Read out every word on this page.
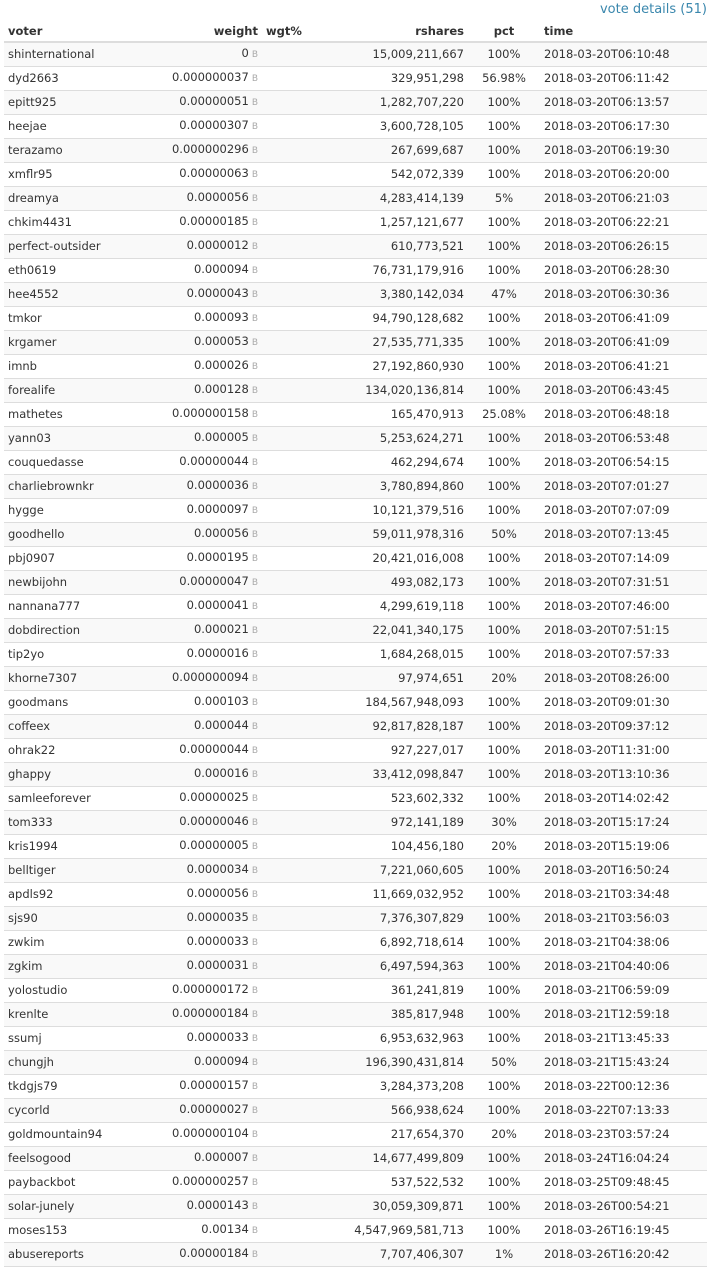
vote details (51)
voter	weight	wgt%	rshares	pct	time
shinternational	0 B		15,009,211,667	100%	2018-03-20T06:10:48
dyd2663	0.000000037 B		329,951,298	56.98%	2018-03-20T06:11:42
epitt925	0.00000051 B		1,282,707,220	100%	2018-03-20T06:13:57
heejae	0.00000307 B		3,600,728,105	100%	2018-03-20T06:17:30
terazamo	0.000000296 B		267,699,687	100%	2018-03-20T06:19:30
xmflr95	0.00000063 B		542,072,339	100%	2018-03-20T06:20:00
dreamya	0.0000056 B		4,283,414,139	5%	2018-03-20T06:21:03
chkim4431	0.00000185 B		1,257,121,677	100%	2018-03-20T06:22:21
perfect-outsider	0.0000012 B		610,773,521	100%	2018-03-20T06:26:15
eth0619	0.000094 B		76,731,179,916	100%	2018-03-20T06:28:30
hee4552	0.0000043 B		3,380,142,034	47%	2018-03-20T06:30:36
tmkor	0.000093 B		94,790,128,682	100%	2018-03-20T06:41:09
krgamer	0.000053 B		27,535,771,335	100%	2018-03-20T06:41:09
imnb	0.000026 B		27,192,860,930	100%	2018-03-20T06:41:21
forealife	0.000128 B		134,020,136,814	100%	2018-03-20T06:43:45
mathetes	0.000000158 B		165,470,913	25.08%	2018-03-20T06:48:18
yann03	0.000005 B		5,253,624,271	100%	2018-03-20T06:53:48
couquedasse	0.00000044 B		462,294,674	100%	2018-03-20T06:54:15
charliebrownkr	0.0000036 B		3,780,894,860	100%	2018-03-20T07:01:27
hygge	0.0000097 B		10,121,379,516	100%	2018-03-20T07:07:09
goodhello	0.000056 B		59,011,978,316	50%	2018-03-20T07:13:45
pbj0907	0.0000195 B		20,421,016,008	100%	2018-03-20T07:14:09
newbijohn	0.00000047 B		493,082,173	100%	2018-03-20T07:31:51
nannana777	0.0000041 B		4,299,619,118	100%	2018-03-20T07:46:00
dobdirection	0.000021 B		22,041,340,175	100%	2018-03-20T07:51:15
tip2yo	0.0000016 B		1,684,268,015	100%	2018-03-20T07:57:33
khorne7307	0.000000094 B		97,974,651	20%	2018-03-20T08:26:00
goodmans	0.000103 B		184,567,948,093	100%	2018-03-20T09:01:30
coffeex	0.000044 B		92,817,828,187	100%	2018-03-20T09:37:12
ohrak22	0.00000044 B		927,227,017	100%	2018-03-20T11:31:00
ghappy	0.000016 B		33,412,098,847	100%	2018-03-20T13:10:36
samleeforever	0.00000025 B		523,602,332	100%	2018-03-20T14:02:42
tom333	0.00000046 B		972,141,189	30%	2018-03-20T15:17:24
kris1994	0.00000005 B		104,456,180	20%	2018-03-20T15:19:06
belltiger	0.0000034 B		7,221,060,605	100%	2018-03-20T16:50:24
apdls92	0.0000056 B		11,669,032,952	100%	2018-03-21T03:34:48
sjs90	0.0000035 B		7,376,307,829	100%	2018-03-21T03:56:03
zwkim	0.0000033 B		6,892,718,614	100%	2018-03-21T04:38:06
zgkim	0.0000031 B		6,497,594,363	100%	2018-03-21T04:40:06
yolostudio	0.000000172 B		361,241,819	100%	2018-03-21T06:59:09
krenlte	0.000000184 B		385,817,948	100%	2018-03-21T12:59:18
ssumj	0.0000033 B		6,953,632,963	100%	2018-03-21T13:45:33
chungjh	0.000094 B		196,390,431,814	50%	2018-03-21T15:43:24
tkdgjs79	0.00000157 B		3,284,373,208	100%	2018-03-22T00:12:36
cycorld	0.00000027 B		566,938,624	100%	2018-03-22T07:13:33
goldmountain94	0.000000104 B		217,654,370	20%	2018-03-23T03:57:24
feelsogood	0.000007 B		14,677,499,809	100%	2018-03-24T16:04:24
paybackbot	0.000000257 B		537,522,532	100%	2018-03-25T09:48:45
solar-junely	0.0000143 B		30,059,309,871	100%	2018-03-26T00:54:21
moses153	0.00134 B		4,547,969,581,713	100%	2018-03-26T16:19:45
abusereports	0.00000184 B		7,707,406,307	1%	2018-03-26T16:20:42
